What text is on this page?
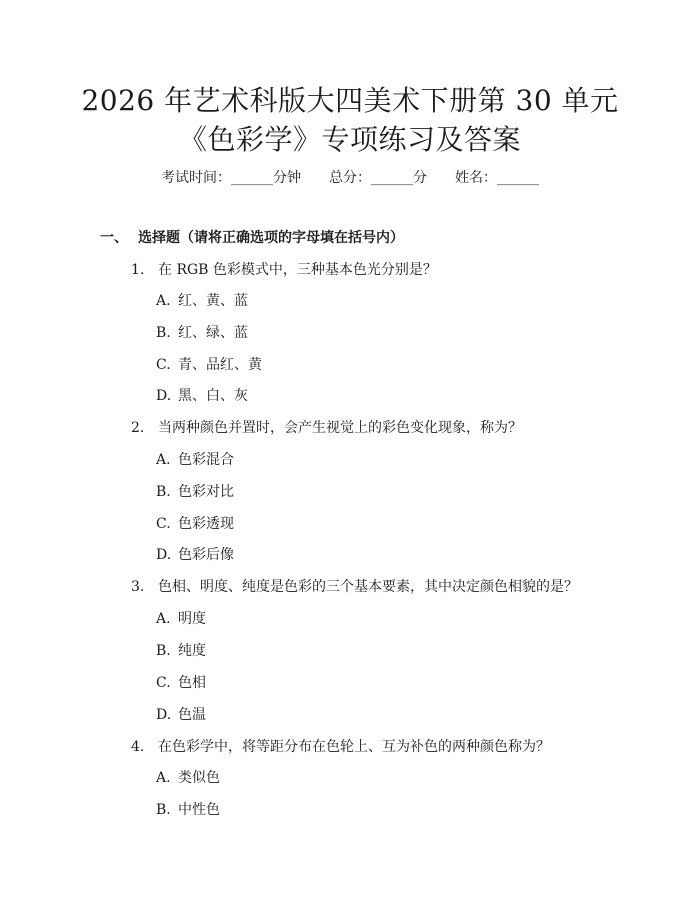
2026 年艺术科版大四美术下册第 30 单元
《色彩学》专项练习及答案
考试时间：______分钟 总分：______分 姓名：______
一、 选择题（请将正确选项的字母填在括号内）
1. 在 RGB 色彩模式中，三种基本色光分别是？
A. 红、黄、蓝
B. 红、绿、蓝
C. 青、品红、黄
D. 黑、白、灰
2. 当两种颜色并置时，会产生视觉上的彩色变化现象，称为？
A. 色彩混合
B. 色彩对比
C. 色彩透现
D. 色彩后像
3. 色相、明度、纯度是色彩的三个基本要素，其中决定颜色相貌的是？
A. 明度
B. 纯度
C. 色相
D. 色温
4. 在色彩学中，将等距分布在色轮上、互为补色的两种颜色称为？
A. 类似色
B. 中性色
